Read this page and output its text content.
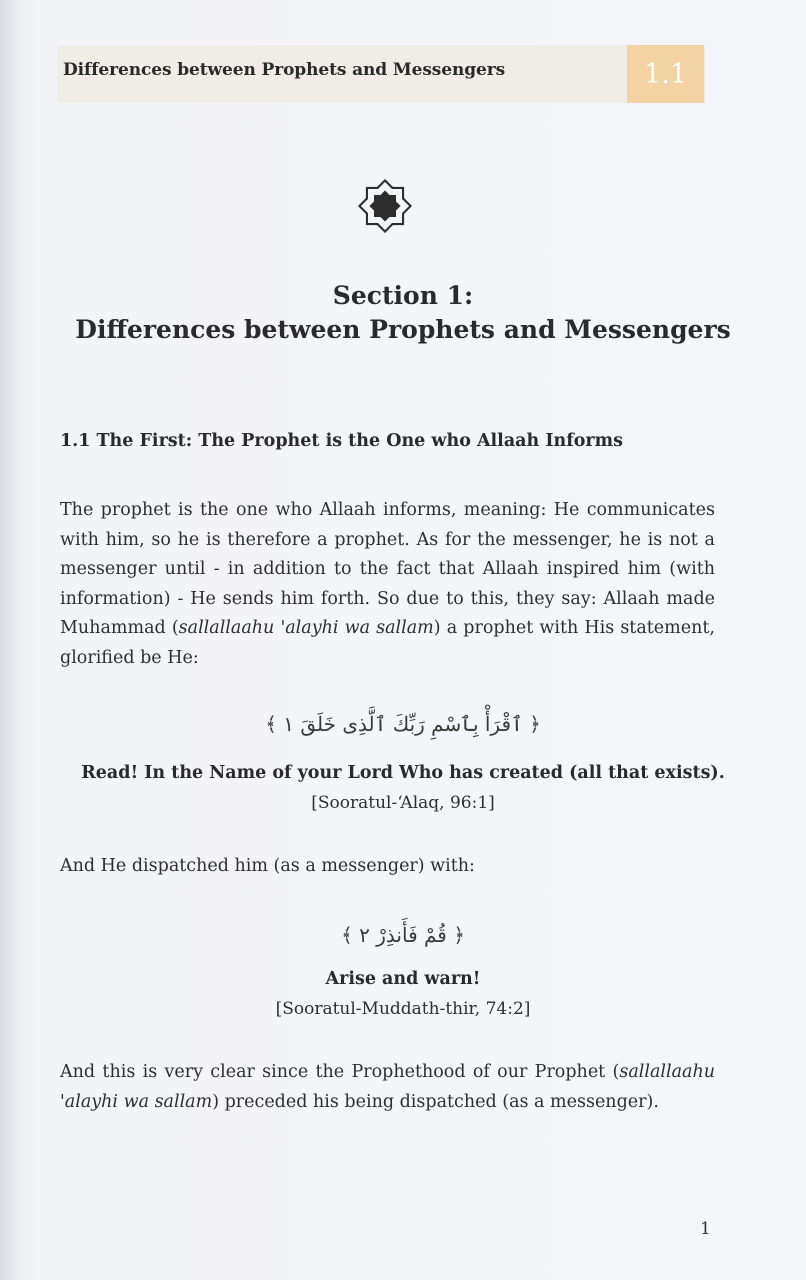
Differences between Prophets and Messengers	1.1
Section 1:
Differences between Prophets and Messengers
1.1 The First: The Prophet is the One who Allaah Informs
The prophet is the one who Allaah informs, meaning: He communicates with him, so he is therefore a prophet. As for the messenger, he is not a messenger until - in addition to the fact that Allaah inspired him (with information) - He sends him forth. So due to this, they say: Allaah made Muhammad (sallallaahu 'alayhi wa sallam) a prophet with His statement, glorified be He:
﴿ ٱقْرَأْ بِٱسْمِ رَبِّكَ ٱلَّذِى خَلَقَ ١ ﴾
Read! In the Name of your Lord Who has created (all that exists).
[Sooratul-‘Alaq, 96:1]
And He dispatched him (as a messenger) with:
﴿ قُمْ فَأَنذِرْ ٢ ﴾
Arise and warn!
[Sooratul-Muddath-thir, 74:2]
And this is very clear since the Prophethood of our Prophet (sallallaahu 'alayhi wa sallam) preceded his being dispatched (as a messenger).
1
